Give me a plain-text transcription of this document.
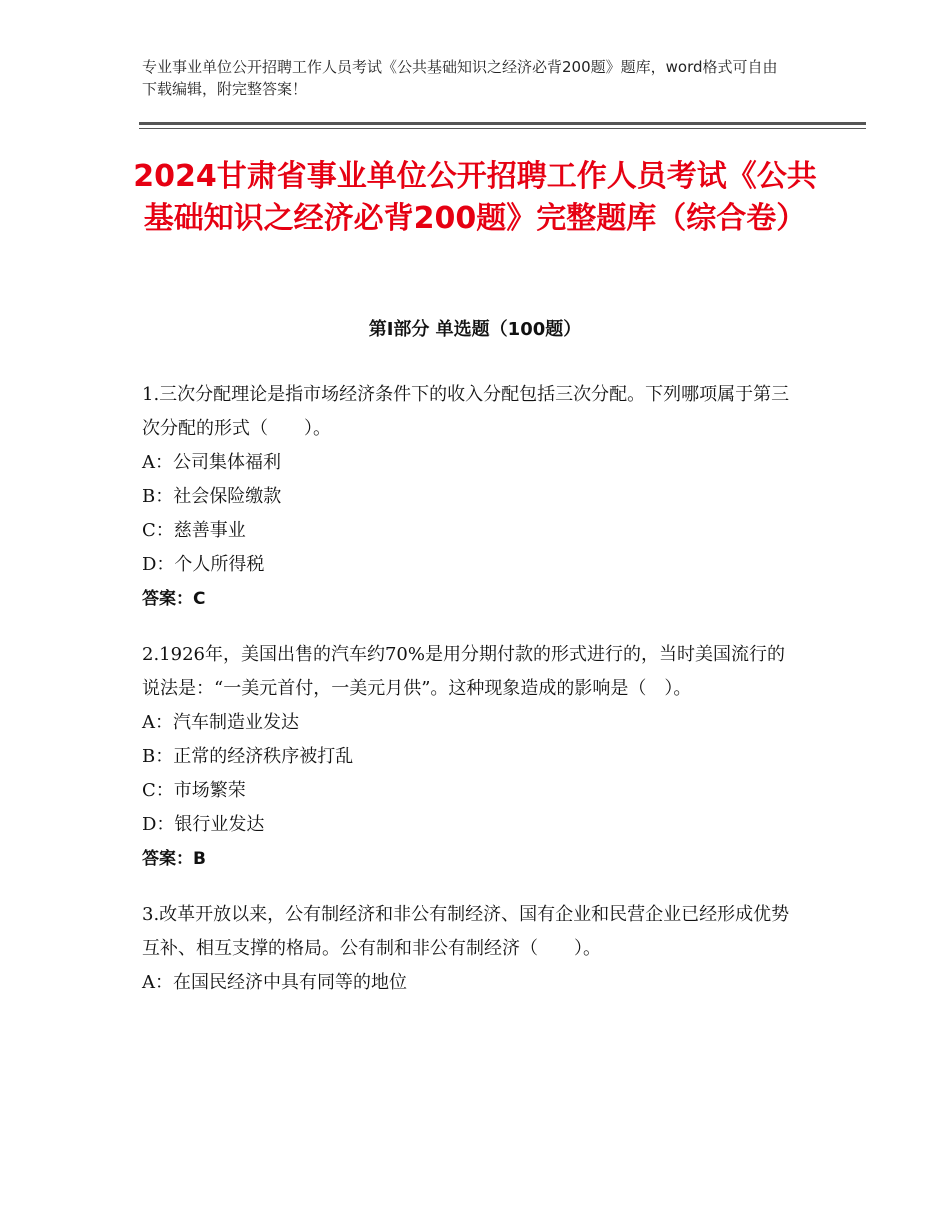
专业事业单位公开招聘工作人员考试《公共基础知识之经济必背200题》题库，word格式可自由下载编辑，附完整答案！
2024甘肃省事业单位公开招聘工作人员考试《公共基础知识之经济必背200题》完整题库（综合卷）
第Ⅰ部分 单选题（100题）

1.三次分配理论是指市场经济条件下的收入分配包括三次分配。下列哪项属于第三次分配的形式（　　）。

A：公司集体福利

B：社会保险缴款

C：慈善事业

D：个人所得税

答案：C

2.1926年，美国出售的汽车约70%是用分期付款的形式进行的，当时美国流行的说法是：“一美元首付，一美元月供”。这种现象造成的影响是（　）。

A：汽车制造业发达

B：正常的经济秩序被打乱

C：市场繁荣

D：银行业发达

答案：B

3.改革开放以来，公有制经济和非公有制经济、国有企业和民营企业已经形成优势互补、相互支撑的格局。公有制和非公有制经济（　　）。

A：在国民经济中具有同等的地位
